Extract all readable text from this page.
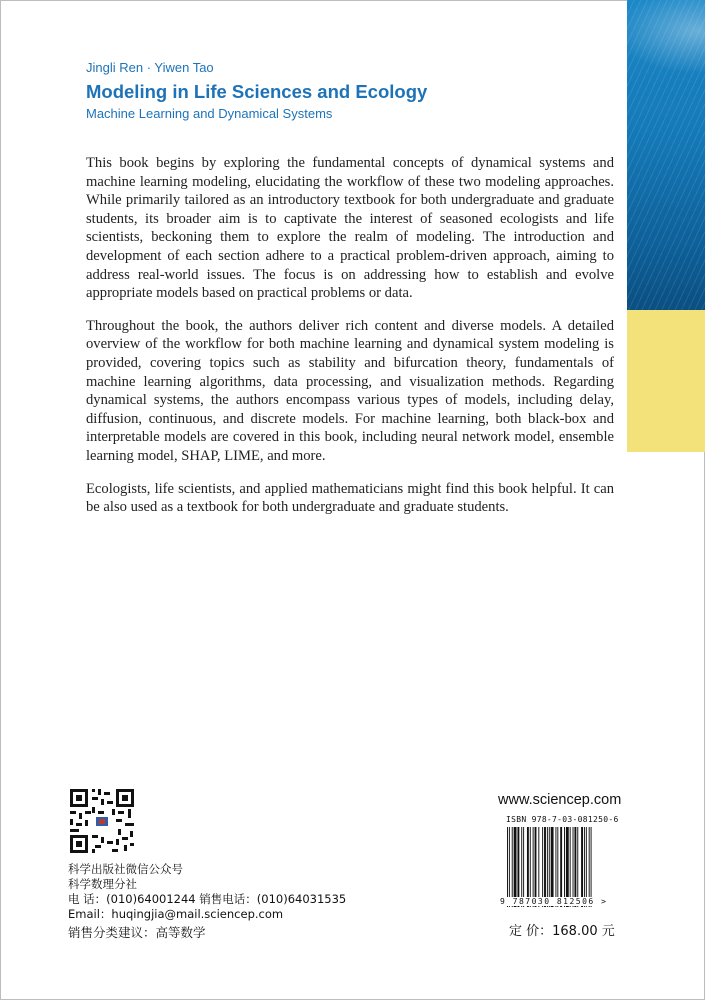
Jingli Ren · Yiwen Tao
Modeling in Life Sciences and Ecology
Machine Learning and Dynamical Systems

This book begins by exploring the fundamental concepts of dynamical systems and machine learning modeling, elucidating the workflow of these two modeling approaches. While primarily tailored as an introductory textbook for both undergraduate and graduate students, its broader aim is to captivate the interest of seasoned ecologists and life scientists, beckoning them to explore the realm of modeling. The introduction and development of each section adhere to a practical problem-driven approach, aiming to address real-world issues. The focus is on addressing how to establish and evolve appropriate models based on practical problems or data.

Throughout the book, the authors deliver rich content and diverse models. A detailed overview of the workflow for both machine learning and dynamical system modeling is provided, covering topics such as stability and bifurcation theory, fundamentals of machine learning algorithms, data processing, and visualization methods. Regarding dynamical systems, the authors encompass various types of models, including delay, diffusion, continuous, and discrete models. For machine learning, both black-box and interpretable models are covered in this book, including neural network model, ensemble learning model, SHAP, LIME, and more.

Ecologists, life scientists, and applied mathematicians might find this book helpful. It can be also used as a textbook for both undergraduate and graduate students.

科学出版社微信公众号
科学数理分社
电 话：(010)64001244 销售电话：(010)64031535
Email：huqingjia@mail.sciencep.com
销售分类建议：高等数学
www.sciencep.com
ISBN 978-7-03-081250-6
9 787030 812506 >
定 价：168.00 元
